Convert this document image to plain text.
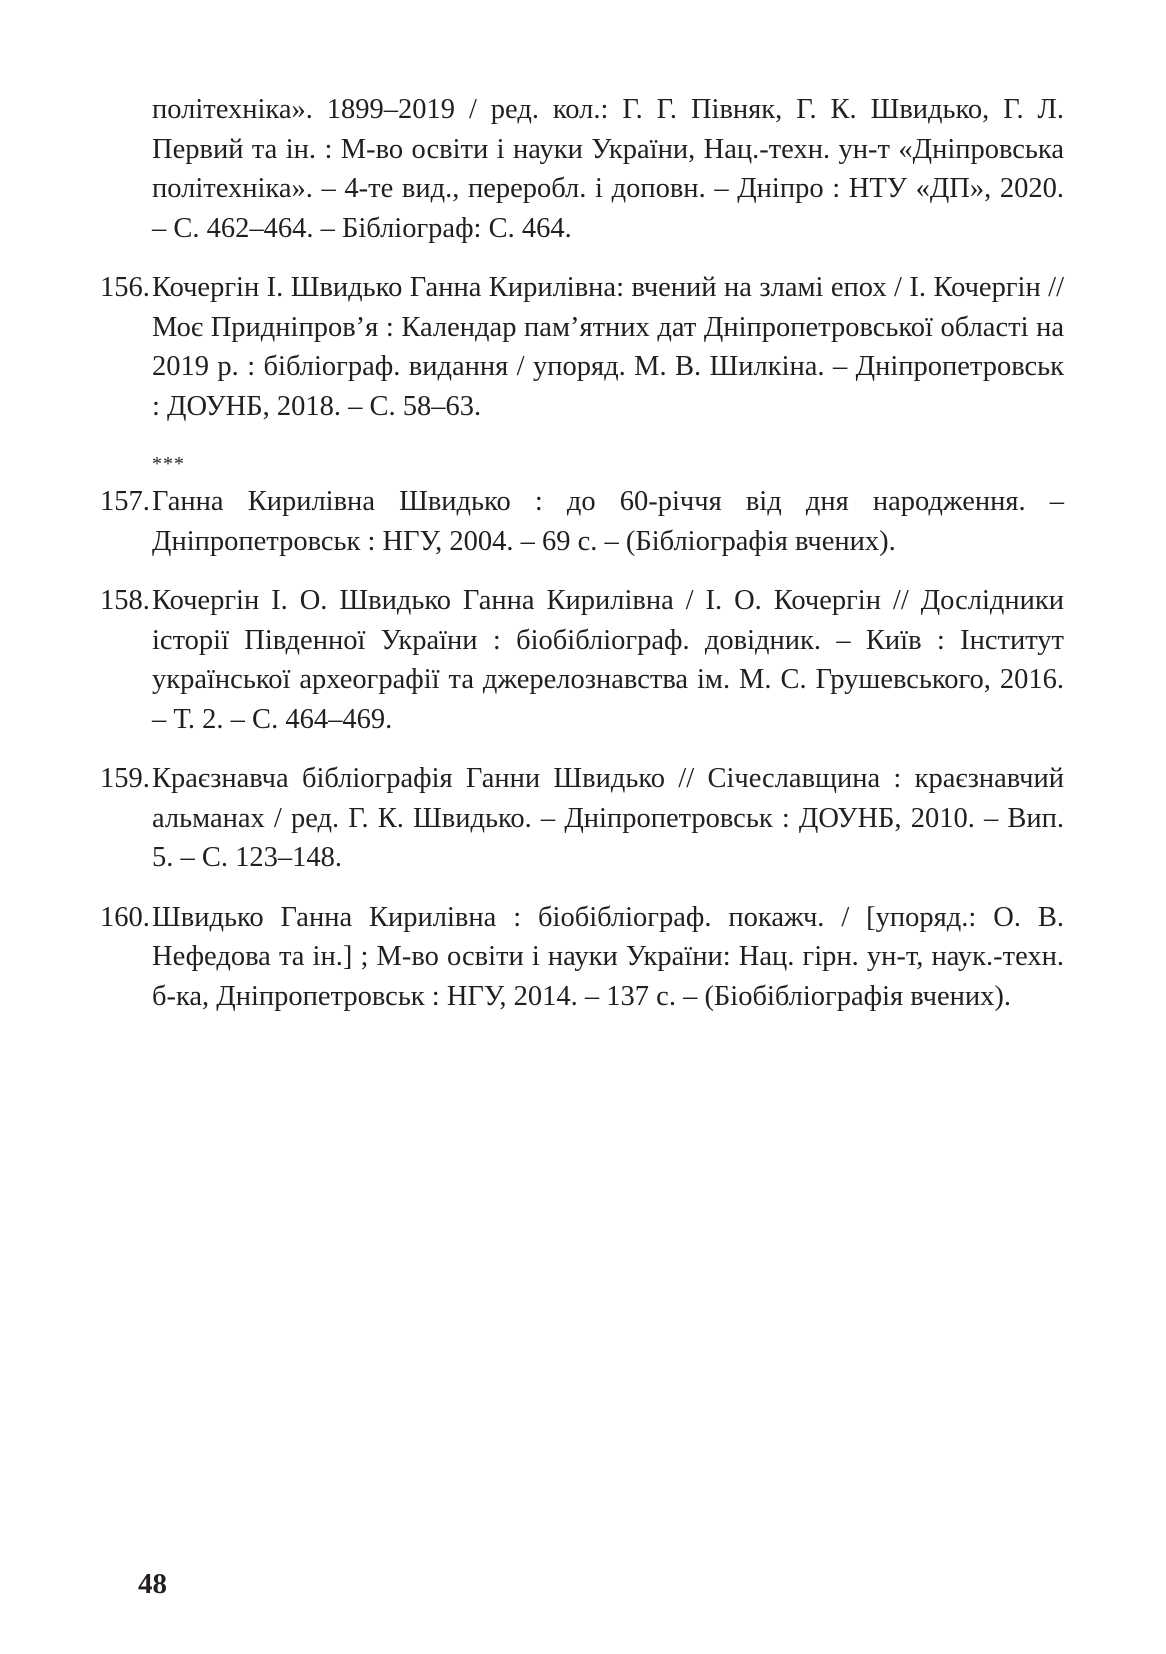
політехніка». 1899–2019 / ред. кол.: Г. Г. Півняк, Г. К. Швидько, Г. Л. Первий та ін. : М-во освіти і науки України, Нац.-техн. ун-т «Дніпровська політехніка». – 4-те вид., переробл. і доповн. – Дніпро : НТУ «ДП», 2020. – С. 462–464. – Бібліограф: С. 464.
156. Кочергін І. Швидько Ганна Кирилівна: вчений на зламі епох / І. Кочергін // Моє Придніпров’я : Календар пам’ятних дат Дніпропетровської області на 2019 р. : бібліограф. видання / упоряд. М. В. Шилкіна. – Дніпропетровськ : ДОУНБ, 2018. – С. 58–63.
***
157. Ганна Кирилівна Швидько : до 60-річчя від дня народження. – Дніпропетровськ : НГУ, 2004. – 69 с. – (Бібліографія вчених).
158. Кочергін І. О. Швидько Ганна Кирилівна / І. О. Кочергін // Дослідники історії Південної України : біобібліограф. довідник. – Київ : Інститут української археографії та джерелознавства ім. М. С. Грушевського, 2016. – Т. 2. – С. 464–469.
159. Краєзнавча бібліографія Ганни Швидько // Січеславщина : краєзнавчий альманах / ред. Г. К. Швидько. – Дніпропетровськ : ДОУНБ, 2010. – Вип. 5. – С. 123–148.
160. Швидько Ганна Кирилівна : біобібліограф. покажч. / [упоряд.: О. В. Нефедова та ін.] ; М-во освіти і науки України: Нац. гірн. ун-т, наук.-техн. б-ка, Дніпропетровськ : НГУ, 2014. – 137 с. – (Біобібліографія вчених).
48
